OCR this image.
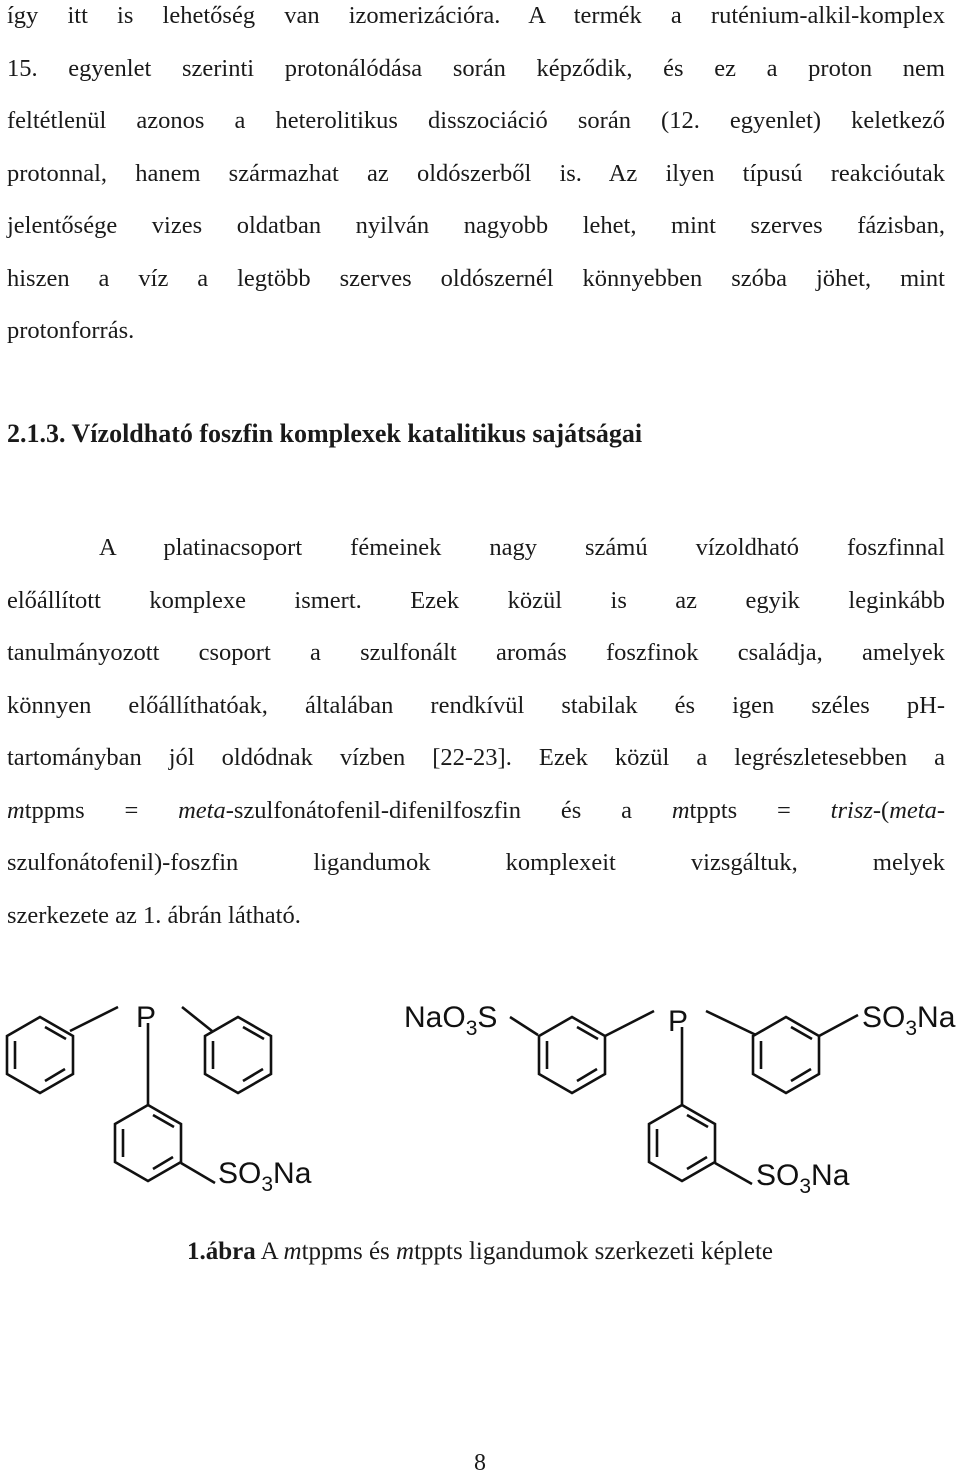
így itt is lehetőség van izomerizációra. A termék a ruténium-alkil-komplex
15. egyenlet szerinti protonálódása során képződik, és ez a proton nem
feltétlenül azonos a heterolitikus disszociáció során (12. egyenlet) keletkező
protonnal, hanem származhat az oldószerből is. Az ilyen típusú reakcióutak
jelentősége vizes oldatban nyilván nagyobb lehet, mint szerves fázisban,
hiszen a víz a legtöbb szerves oldószernél könnyebben szóba jöhet, mint
protonforrás.

2.1.3. Vízoldható foszfin komplexek katalitikus sajátságai

A platinacsoport fémeinek nagy számú vízoldható foszfinnal
előállított komplexe ismert. Ezek közül is az egyik leginkább
tanulmányozott csoport a szulfonált aromás foszfinok családja, amelyek
könnyen előállíthatóak, általában rendkívül stabilak és igen széles pH-
tartományban jól oldódnak vízben [22-23]. Ezek közül a legrészletesebben a
mtppms = meta-szulfonátofenil-difenilfoszfin és a mtppts = trisz-(meta-
szulfonátofenil)-foszfin ligandumok komplexeit vizsgáltuk, melyek
szerkezete az 1. ábrán látható.

P
$SO_3Na$
NaO$_3$S	P	$SO_3Na$
$SO_3Na$

1.ábra A mtppms és mtppts ligandumok szerkezeti képlete

8
